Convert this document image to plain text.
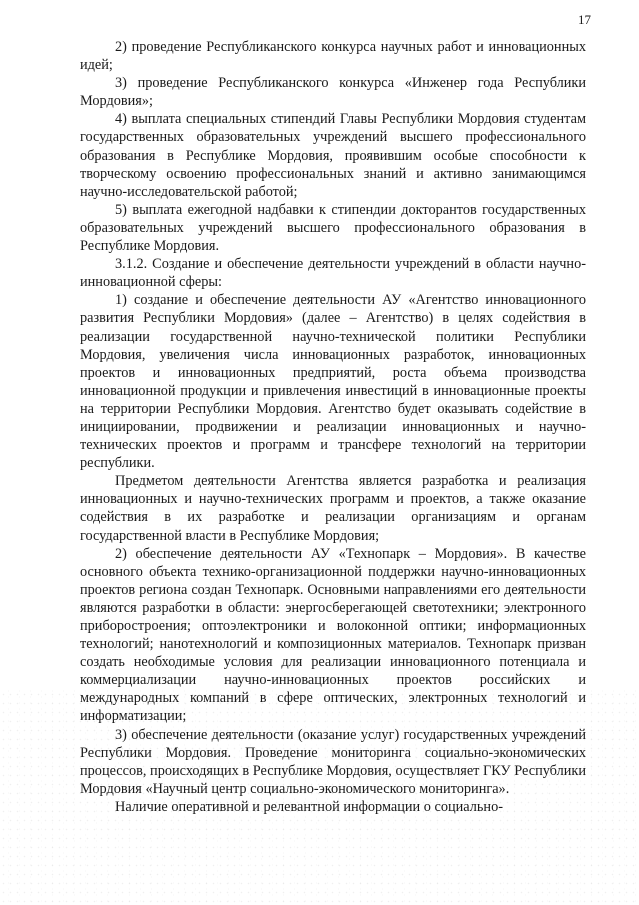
17

2) проведение Республиканского конкурса научных работ и инновационных идей;

3) проведение Республиканского конкурса «Инженер года Республики Мордовия»;

4) выплата специальных стипендий Главы Республики Мордовия студентам государственных образовательных учреждений высшего профессионального образования в Республике Мордовия, проявившим особые способности к творческому освоению профессиональных знаний и активно занимающимся научно-исследовательской работой;

5) выплата ежегодной надбавки к стипендии докторантов государственных образовательных учреждений высшего профессионального образования в Республике Мордовия.

3.1.2. Создание и обеспечение деятельности учреждений в области научно-инновационной сферы:

1) создание и обеспечение деятельности АУ «Агентство инновационного развития Республики Мордовия» (далее – Агентство) в целях содействия в реализации государственной научно-технической политики Республики Мордовия, увеличения числа инновационных разработок, инновационных проектов и инновационных предприятий, роста объема производства инновационной продукции и привлечения инвестиций в инновационные проекты на территории Республики Мордовия. Агентство будет оказывать содействие в инициировании, продвижении и реализации инновационных и научно-технических проектов и программ и трансфере технологий на территории республики.

Предметом деятельности Агентства является разработка и реализация инновационных и научно-технических программ и проектов, а также оказание содействия в их разработке и реализации организациям и органам государственной власти в Республике Мордовия;

2) обеспечение деятельности АУ «Технопарк – Мордовия». В качестве основного объекта технико-организационной поддержки научно-инновационных проектов региона создан Технопарк. Основными направлениями его деятельности являются разработки в области: энергосберегающей светотехники; электронного приборостроения; оптоэлектроники и волоконной оптики; информационных технологий; нанотехнологий и композиционных материалов. Технопарк призван создать необходимые условия для реализации инновационного потенциала и коммерциализации научно-инновационных проектов российских и международных компаний в сфере оптических, электронных технологий и информатизации;

3) обеспечение деятельности (оказание услуг) государственных учреждений Республики Мордовия. Проведение мониторинга социально-экономических процессов, происходящих в Республике Мордовия, осуществляет ГКУ Республики Мордовия «Научный центр социально-экономического мониторинга».

Наличие оперативной и релевантной информации о социально-
